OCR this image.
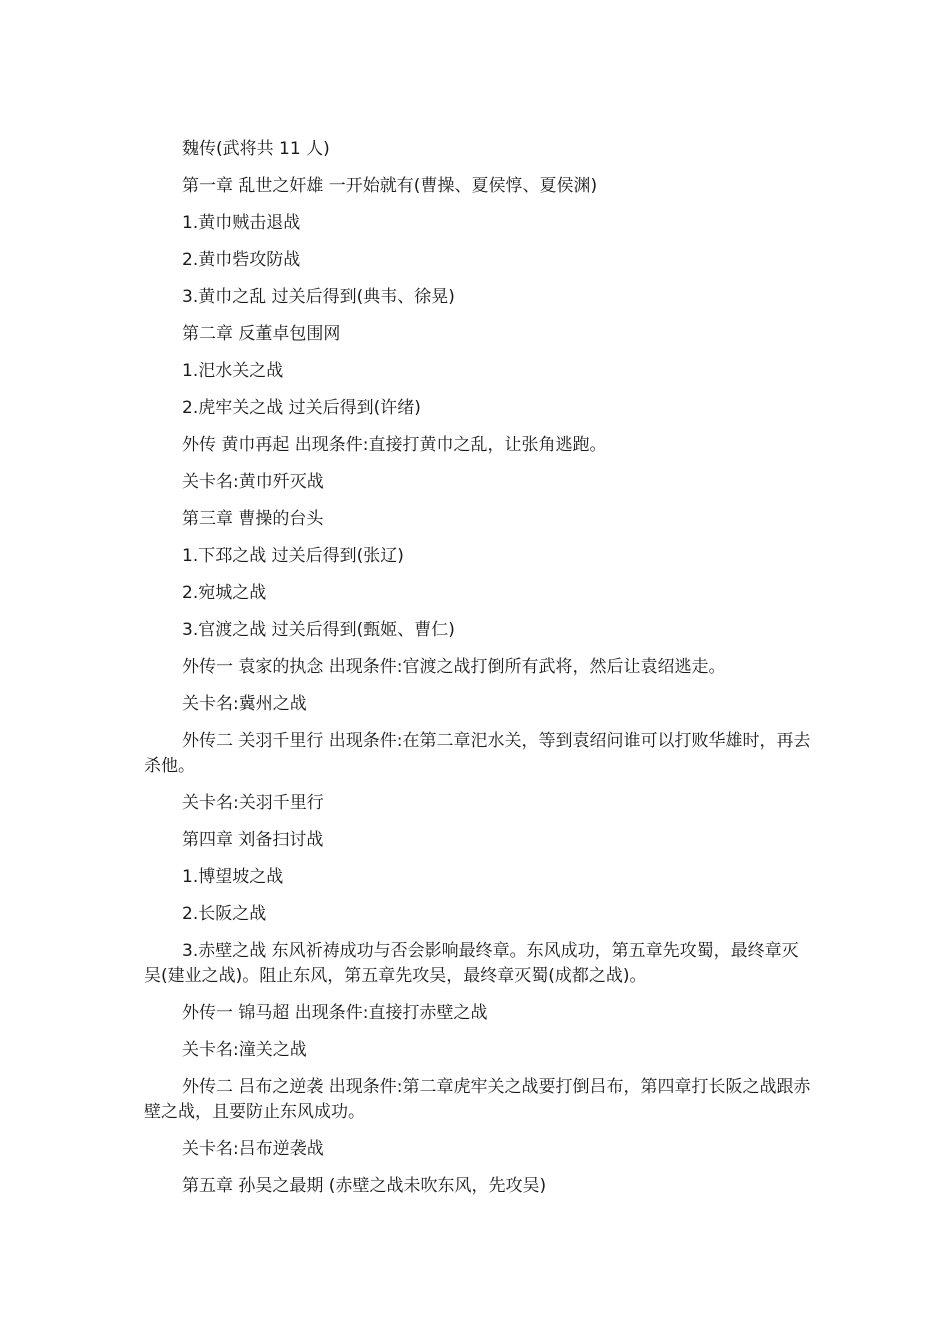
魏传(武将共 11 人)

第一章 乱世之奸雄 一开始就有(曹操、夏侯惇、夏侯渊)

1.黄巾贼击退战

2.黄巾砦攻防战

3.黄巾之乱 过关后得到(典韦、徐晃)

第二章 反董卓包围网

1.汜水关之战

2.虎牢关之战 过关后得到(许绪)

外传 黄巾再起 出现条件:直接打黄巾之乱，让张角逃跑。

关卡名:黄巾歼灭战

第三章 曹操的台头

1.下邳之战 过关后得到(张辽)

2.宛城之战

3.官渡之战 过关后得到(甄姬、曹仁)

外传一 袁家的执念 出现条件:官渡之战打倒所有武将，然后让袁绍逃走。

关卡名:冀州之战

外传二 关羽千里行 出现条件:在第二章汜水关，等到袁绍问谁可以打败华雄时，再去杀他。

关卡名:关羽千里行

第四章 刘备扫讨战

1.博望坡之战

2.长阪之战

3.赤壁之战 东风祈祷成功与否会影响最终章。东风成功，第五章先攻蜀，最终章灭吴(建业之战)。阻止东风，第五章先攻吴，最终章灭蜀(成都之战)。

外传一 锦马超 出现条件:直接打赤壁之战

关卡名:潼关之战

外传二 吕布之逆袭 出现条件:第二章虎牢关之战要打倒吕布，第四章打长阪之战跟赤壁之战，且要防止东风成功。

关卡名:吕布逆袭战

第五章 孙吴之最期 (赤壁之战未吹东风，先攻吴)
